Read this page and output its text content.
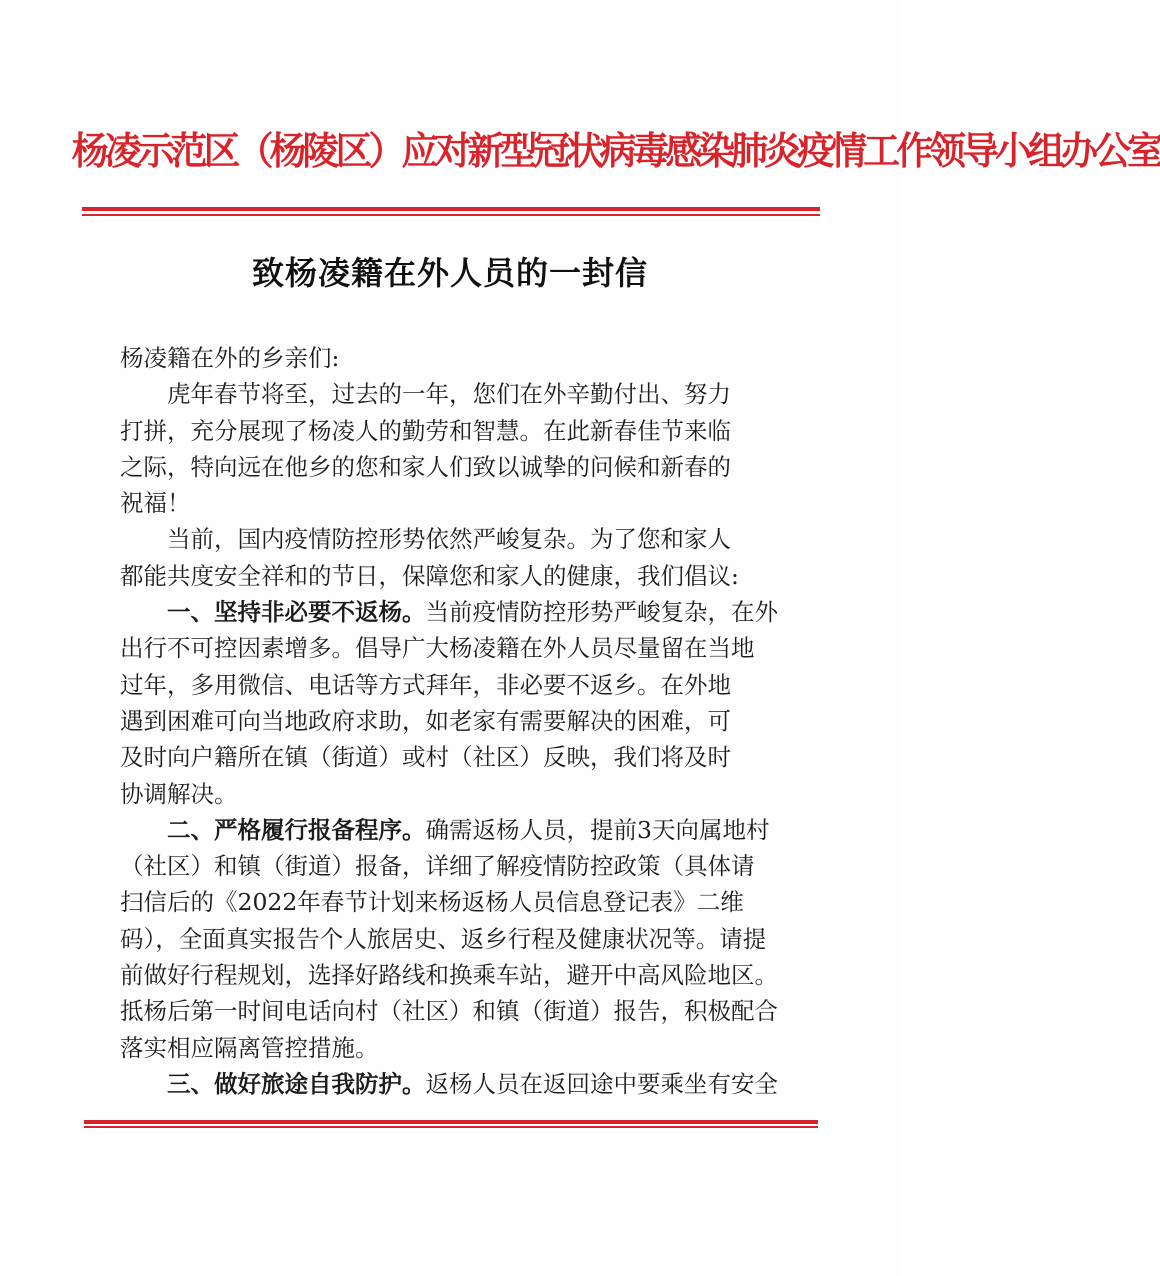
杨凌示范区（杨陵区）应对新型冠状病毒感染肺炎疫情工作领导小组办公室
致杨凌籍在外人员的一封信
杨凌籍在外的乡亲们:
虎年春节将至，过去的一年，您们在外辛勤付出、努力
打拼，充分展现了杨凌人的勤劳和智慧。在此新春佳节来临
之际，特向远在他乡的您和家人们致以诚挚的问候和新春的
祝福！
当前，国内疫情防控形势依然严峻复杂。为了您和家人
都能共度安全祥和的节日，保障您和家人的健康，我们倡议:
一、坚持非必要不返杨。当前疫情防控形势严峻复杂，在外
出行不可控因素增多。倡导广大杨凌籍在外人员尽量留在当地
过年，多用微信、电话等方式拜年，非必要不返乡。在外地
遇到困难可向当地政府求助，如老家有需要解决的困难，可
及时向户籍所在镇（街道）或村（社区）反映，我们将及时
协调解决。
二、严格履行报备程序。确需返杨人员，提前3天向属地村
（社区）和镇（街道）报备，详细了解疫情防控政策（具体请
扫信后的《2022年春节计划来杨返杨人员信息登记表》二维
码），全面真实报告个人旅居史、返乡行程及健康状况等。请提
前做好行程规划，选择好路线和换乘车站，避开中高风险地区。
抵杨后第一时间电话向村（社区）和镇（街道）报告，积极配合
落实相应隔离管控措施。
三、做好旅途自我防护。返杨人员在返回途中要乘坐有安全
